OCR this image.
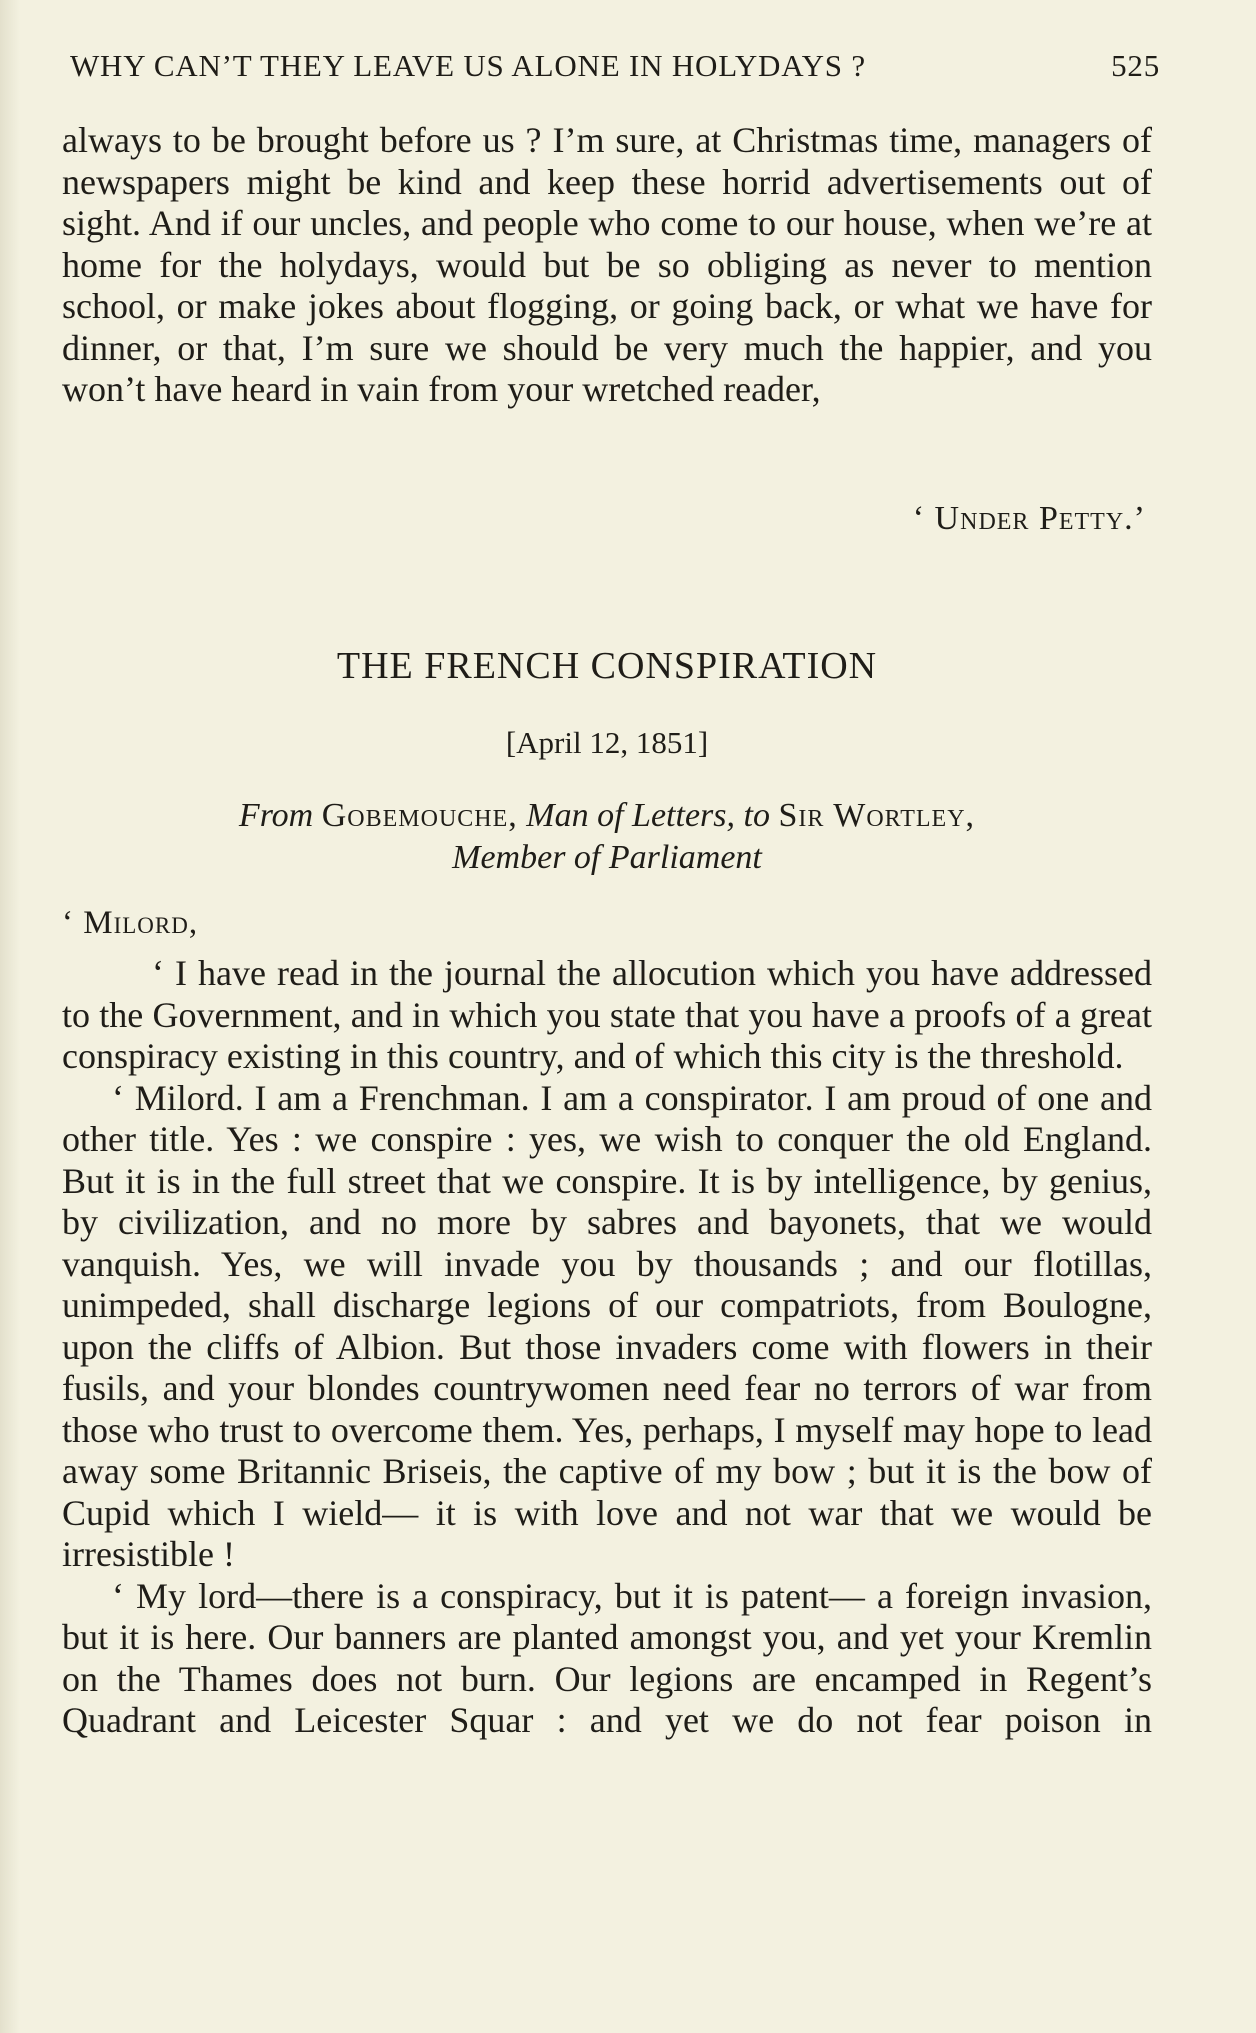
WHY CAN’T THEY LEAVE US ALONE IN HOLYDAYS ?	525

always to be brought before us ? I’m sure, at Christmas time, managers of newspapers might be kind and keep these horrid advertisements out of sight. And if our uncles, and people who come to our house, when we’re at home for the holydays, would but be so obliging as never to mention school, or make jokes about flogging, or going back, or what we have for dinner, or that, I’m sure we should be very much the happier, and you won’t have heard in vain from your wretched reader,

‘ Under Petty.’
THE FRENCH CONSPIRATION
[April 12, 1851]
From Gobemouche, Man of Letters, to Sir Wortley,
Member of Parliament
‘ Milord,

‘ I have read in the journal the allocution which you have addressed to the Government, and in which you state that you have a proofs of a great conspiracy existing in this country, and of which this city is the threshold.

‘ Milord. I am a Frenchman. I am a conspirator. I am proud of one and other title. Yes : we conspire : yes, we wish to conquer the old England. But it is in the full street that we conspire. It is by intelligence, by genius, by civilization, and no more by sabres and bayonets, that we would vanquish. Yes, we will invade you by thousands ; and our flotillas, unimpeded, shall discharge legions of our compatriots, from Boulogne, upon the cliffs of Albion. But those invaders come with flowers in their fusils, and your blondes countrywomen need fear no terrors of war from those who trust to overcome them. Yes, perhaps, I myself may hope to lead away some Britannic Briseis, the captive of my bow ; but it is the bow of Cupid which I wield— it is with love and not war that we would be irresistible !

‘ My lord—there is a conspiracy, but it is patent— a foreign invasion, but it is here. Our banners are planted amongst you, and yet your Kremlin on the Thames does not burn. Our legions are encamped in Regent’s Quadrant and Leicester Squar : and yet we do not fear poison in
